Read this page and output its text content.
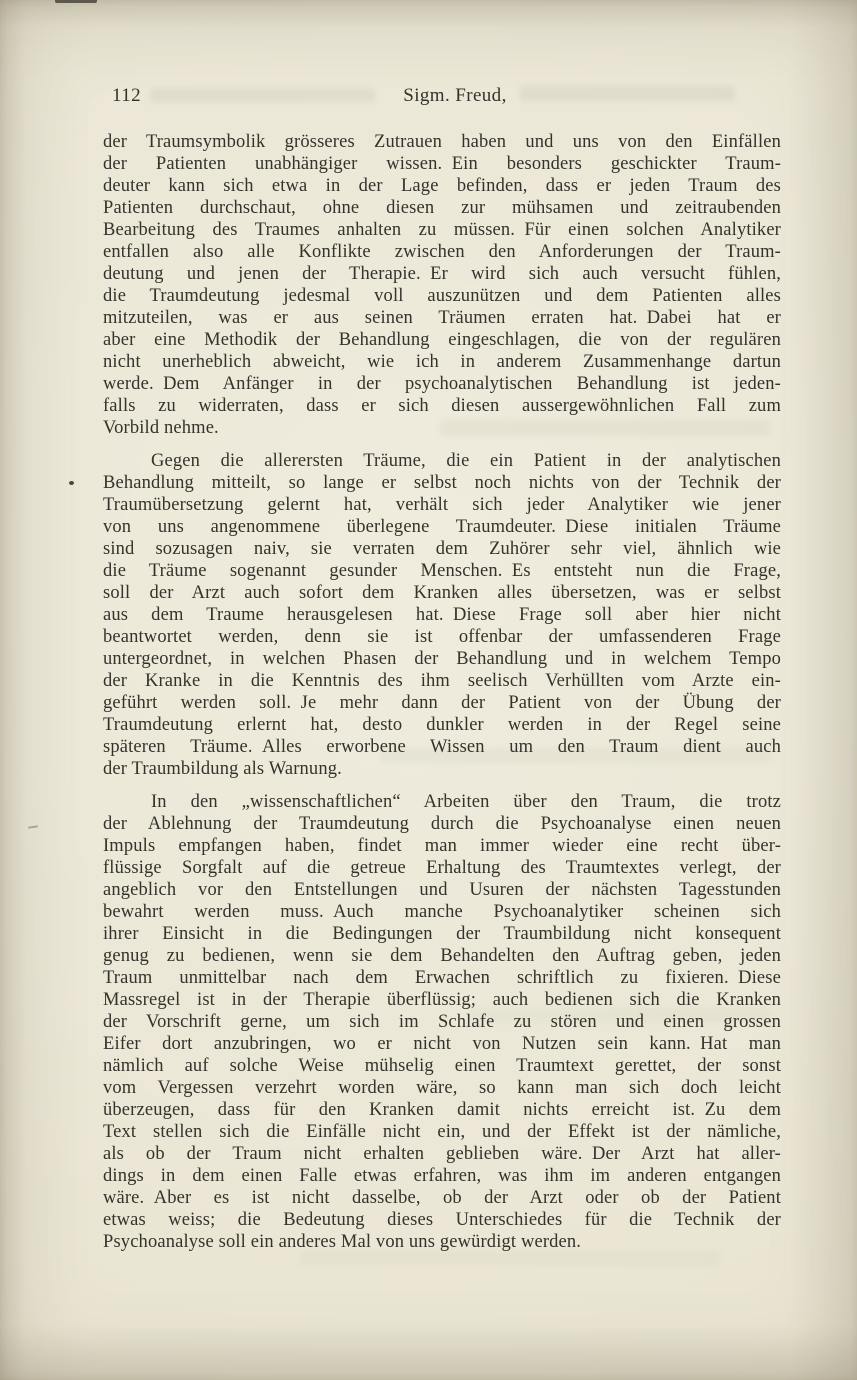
112	Sigm. Freud,
der Traumsymbolik grösseres Zutrauen haben und uns von den Einfällen
der Patienten unabhängiger wissen. Ein besonders geschickter Traum-
deuter kann sich etwa in der Lage befinden, dass er jeden Traum des
Patienten durchschaut, ohne diesen zur mühsamen und zeitraubenden
Bearbeitung des Traumes anhalten zu müssen. Für einen solchen Analytiker
entfallen also alle Konflikte zwischen den Anforderungen der Traum-
deutung und jenen der Therapie. Er wird sich auch versucht fühlen,
die Traumdeutung jedesmal voll auszunützen und dem Patienten alles
mitzuteilen, was er aus seinen Träumen erraten hat. Dabei hat er
aber eine Methodik der Behandlung eingeschlagen, die von der regulären
nicht unerheblich abweicht, wie ich in anderem Zusammenhange dartun
werde. Dem Anfänger in der psychoanalytischen Behandlung ist jeden-
falls zu widerraten, dass er sich diesen aussergewöhnlichen Fall zum
Vorbild nehme.
Gegen die allerersten Träume, die ein Patient in der analytischen
Behandlung mitteilt, so lange er selbst noch nichts von der Technik der
Traumübersetzung gelernt hat, verhält sich jeder Analytiker wie jener
von uns angenommene überlegene Traumdeuter. Diese initialen Träume
sind sozusagen naiv, sie verraten dem Zuhörer sehr viel, ähnlich wie
die Träume sogenannt gesunder Menschen. Es entsteht nun die Frage,
soll der Arzt auch sofort dem Kranken alles übersetzen, was er selbst
aus dem Traume herausgelesen hat. Diese Frage soll aber hier nicht
beantwortet werden, denn sie ist offenbar der umfassenderen Frage
untergeordnet, in welchen Phasen der Behandlung und in welchem Tempo
der Kranke in die Kenntnis des ihm seelisch Verhüllten vom Arzte ein-
geführt werden soll. Je mehr dann der Patient von der Übung der
Traumdeutung erlernt hat, desto dunkler werden in der Regel seine
späteren Träume. Alles erworbene Wissen um den Traum dient auch
der Traumbildung als Warnung.
In den „wissenschaftlichen“ Arbeiten über den Traum, die trotz
der Ablehnung der Traumdeutung durch die Psychoanalyse einen neuen
Impuls empfangen haben, findet man immer wieder eine recht über-
flüssige Sorgfalt auf die getreue Erhaltung des Traumtextes verlegt, der
angeblich vor den Entstellungen und Usuren der nächsten Tagesstunden
bewahrt werden muss. Auch manche Psychoanalytiker scheinen sich
ihrer Einsicht in die Bedingungen der Traumbildung nicht konsequent
genug zu bedienen, wenn sie dem Behandelten den Auftrag geben, jeden
Traum unmittelbar nach dem Erwachen schriftlich zu fixieren. Diese
Massregel ist in der Therapie überflüssig; auch bedienen sich die Kranken
der Vorschrift gerne, um sich im Schlafe zu stören und einen grossen
Eifer dort anzubringen, wo er nicht von Nutzen sein kann. Hat man
nämlich auf solche Weise mühselig einen Traumtext gerettet, der sonst
vom Vergessen verzehrt worden wäre, so kann man sich doch leicht
überzeugen, dass für den Kranken damit nichts erreicht ist. Zu dem
Text stellen sich die Einfälle nicht ein, und der Effekt ist der nämliche,
als ob der Traum nicht erhalten geblieben wäre. Der Arzt hat aller-
dings in dem einen Falle etwas erfahren, was ihm im anderen entgangen
wäre. Aber es ist nicht dasselbe, ob der Arzt oder ob der Patient
etwas weiss; die Bedeutung dieses Unterschiedes für die Technik der
Psychoanalyse soll ein anderes Mal von uns gewürdigt werden.
